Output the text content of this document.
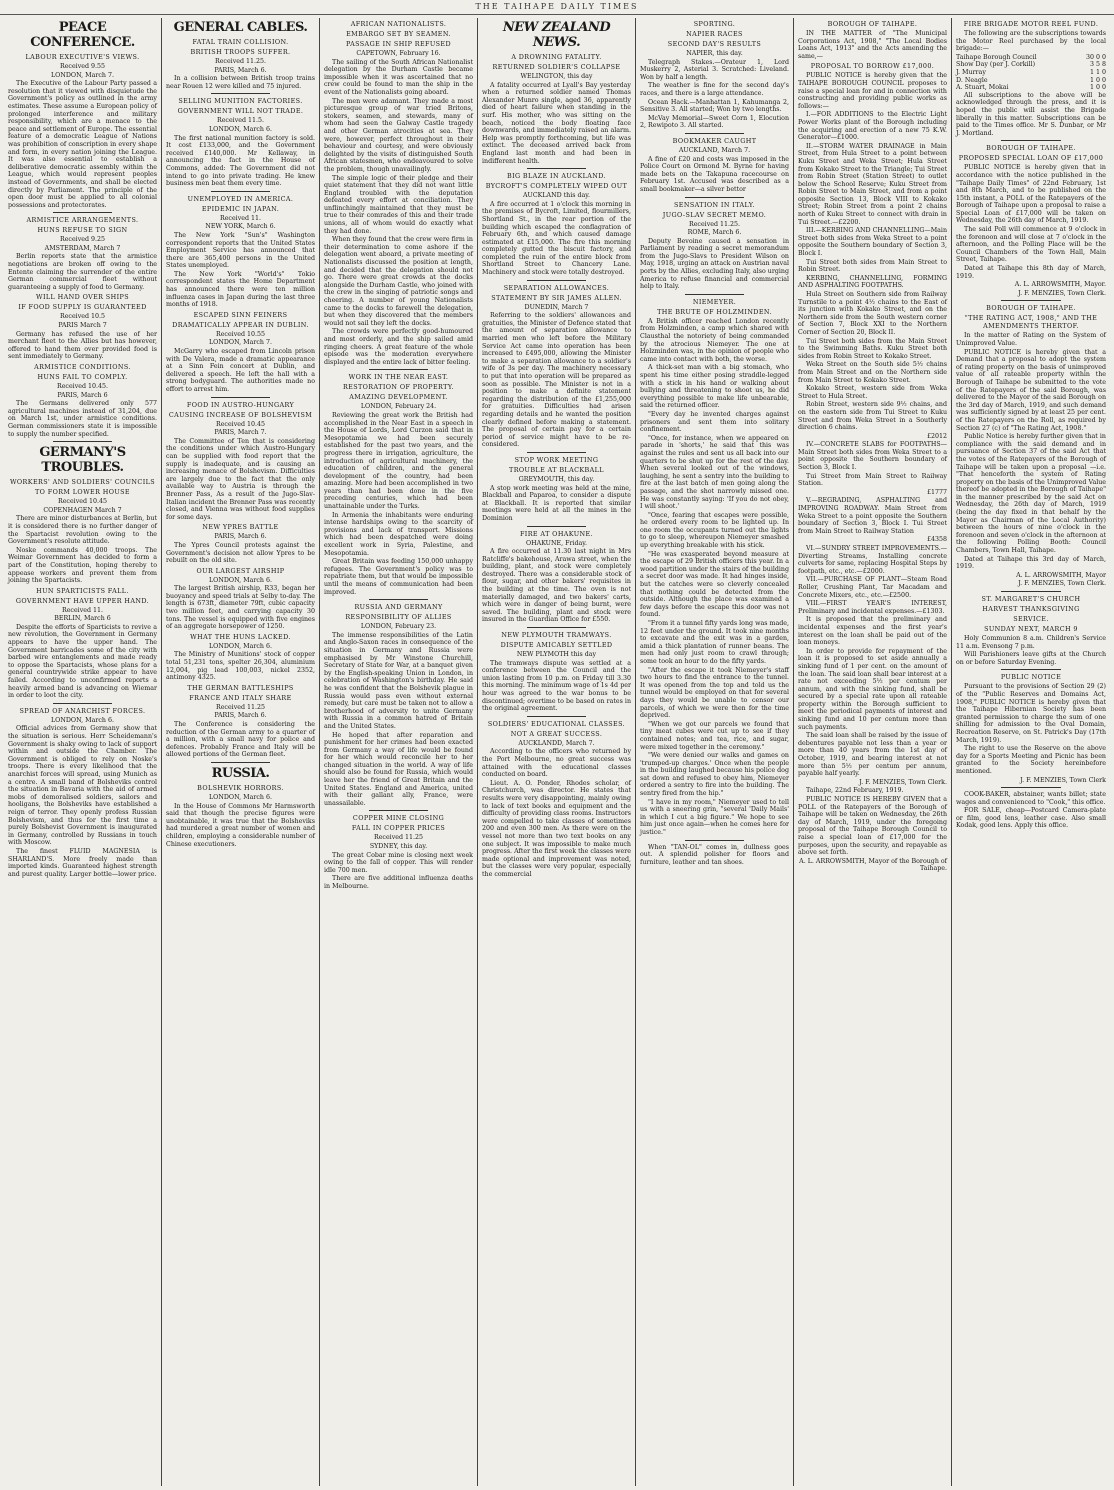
THE TAIHAPE DAILY TIMES
PEACE CONFERENCE.
LABOUR EXECUTIVE'S VIEWS.
Received 9.55
LONDON, March 7.

The Executive of the Labour Party passed a resolution that it viewed with disquietude the Government's policy as outlined in the army estimates. These assume a European policy of prolonged interference and military responsibility, which are a menace to the peace and settlement of Europe. The essential feature of a democratic League of Nations was prohibition of conscription in every shape and form, in every nation joining the League. It was also essential to establish a deliberative democratic assembly within the League, which would represent peoples instead of Governments, and shall be elected directly by Parliament. The principle of the open door must be applied to all colonial possessions and protectorates.

ARMISTICE ARRANGEMENTS.
HUNS REFUSE TO SIGN
Received 9.25
AMSTERDAM, March 7

Berlin reports state that the armistice negotiations are broken off owing to the Entente claiming the surrender of the entire German commercial fleet without guaranteeing a supply of food to Germany.

WILL HAND OVER SHIPS
IF FOOD SUPPLY IS GUARANTEED
Received 10.5
PARIS March 7

Germany has refused the use of her merchant fleet to the Allies but has however, offered to hand them over provided food is sent immediately to Germany.

ARMISTICE CONDITIONS.
HUNS FAIL TO COMPLY.
Received 10.45.
PARIS, March 6

The Germans delivered only 577 agricultural machines instead of 31,204, due on March 1st, under armistice conditions. German commissioners state it is impossible to supply the number specified.

GERMANY'S TROUBLES.
WORKERS' AND SOLDIERS' COUNCILS
TO FORM LOWER HOUSE
Received 10.45
COPENHAGEN March 7

There are minor disturbances at Berlin, but it is considered there is no further danger of the Spartacist revolution owing to the Government's resolute attitude.

Noske commands 40,000 troops. The Weimar Government has decided to form a part of the Constitution, hoping thereby to appease workers and prevent them from joining the Spartacists.

HUN SPARTICISTS FALL.
GOVERNMENT HAVE UPPER HAND.
Received 11.
BERLIN, March 6

Despite the efforts of Sparticists to revive a new revolution, the Government in Germany appears to have the upper hand. The Government barricades some of the city with barbed wire entanglements and made ready to oppose the Spartacists, whose plans for a general countrywide strike appear to have failed. According to unconfirmed reports a heavily armed band is advancing on Wiemar in order to loot the city.

SPREAD OF ANARCHIST FORCES.
LONDON, March 6.

Official advices from Germany show that the situation is serious. Herr Scheidemann's Government is shaky owing to lack of support within and outside the Chamber. The Government is obliged to rely on Noske's troops. There is every likelihood that the anarchist forces will spread, using Munich as a centre. A small band of Bolsheviks control the situation in Bavaria with the aid of armed mobs of demoralised soldiers, sailors and hooligans, the Bolsheviks have established a reign of terror. They openly profess Russian Bolshevism, and thus for the first time a purely Bolshevist Government is inaugurated in Germany, controlled by Russians in touch with Moscow.

The finest FLUID MAGNESIA is SHARLAND'S. More freely made than imported kinds. Guaranteed highest strength and purest quality. Larger bottle—lower price.

GENERAL CABLES.
FATAL TRAIN COLLISION.
BRITISH TROOPS SUFFER.
Received 11.25.
PARIS, March 6.

In a collision between British troop trains near Rouen 12 were killed and 75 injured.

SELLING MUNITION FACTORIES.
GOVERNMENT WILL NOT TRADE.
Received 11.5.
LONDON, March 6.

The first national munition factory is sold. It cost £133,000, and the Government received £140,000. Mr Kellaway, in announcing the fact in the House of Commons, added: The Government did not intend to go into private trading. He knew business men beat them every time.

UNEMPLOYED IN AMERICA.
EPIDEMIC IN JAPAN.
Received 11.
NEW YORK, March 6.

The New York "Sun's" Washington correspondent reports that the United States Employment Service has announced that there are 365,400 persons in the United States unemployed.

The New York "World's" Tokio correspondent states the Home Department has announced there were ten million influenza cases in Japan during the last three months of 1918.

ESCAPED SINN FEINERS
DRAMATICALLY APPEAR IN DUBLIN.
Received 10.55
LONDON, March 7.

McGarry who escaped from Lincoln prison with De Valera, made a dramatic appearance at a Sinn Fein concert at Dublin, and delivered a speech. He left the hall with a strong bodyguard. The authorities made no effort to arrest him.

FOOD IN AUSTRO-HUNGARY
CAUSING INCREASE OF BOLSHEVISM
Received 10.45
PARIS, March 7.

The Committee of Ten that is considering the conditions under which Austro-Hungary can be supplied with food report that the supply is inadequate, and is causing an increasing menace of Bolshevism. Difficulties are largely due to the fact that the only available way to Austria is through the Brenner Pass, As a result of the Jugo-Slav-Italian incident the Brenner Pass was recently closed, and Vienna was without food supplies for some days.

NEW YPRES BATTLE
PARIS, March 6.

The Ypres Council protests against the Government's decision not allow Ypres to be rebuilt on the old site.

OUR LARGEST AIRSHIP
LONDON, March 6.

The largest British airship, R33, began her buoyancy and speed trials at Selby to-day. The length is 673ft, diameter 79ft, cubic capacity two million feet, and carrying capacity 30 tons. The vessel is equipped with five engines of an aggregate horsepower of 1250.

WHAT THE HUNS LACKED.
LONDON, March 6.

The Ministry of Munitions' stock of copper total 51,231 tons, spelter 26,304, aluminium 12,004, pig lead 100,003, nickel 2352, antimony 4325.

THE GERMAN BATTLESHIPS
FRANCE AND ITALY SHARE
Received 11.25
PARIS, March 6.

The Conference is considering the reduction of the German army to a quarter of a million, with a small navy for police and defences. Probably France and Italy will be allowed portions of the German fleet.

RUSSIA.
BOLSHEVIK HORRORS.
LONDON, March 6.

In the House of Commons Mr Harmsworth said that though the precise figures were unobtainable, it was true that the Bolsheviks had murdered a great number of women and children, employing a considerable number of Chinese executioners.

AFRICAN NATIONALISTS.
EMBARGO SET BY SEAMEN.
PASSAGE IN SHIP REFUSED
CAPETOWN, February 16.

The sailing of the South African Nationalist delegation by the Durham Castle became impossible when it was ascertained that no crew could be found to man the ship in the event of the Nationalists going aboard.

The men were adamant. They made a most picturesque group of war tried Britons, stokers, seamen, and stewards, many of whom had seen the Galway Castle tragedy and other German atrocities at sea. They were, however, perfect throughout in their behaviour and courtesy, and were obviously delighted by the visits of distinguished South African statesmen, who endeavoured to solve the problem, though unavailingly.

The simple logic of their pledge and their quiet statement that they did not want little England troubled with the deputation defeated every effort at conciliation. They unflinchingly maintained that they must be true to their comrades of this and their trade unions, all of whom would do exactly what they had done.

When they found that the crew were firm in their determination to come ashore if the delegation went aboard, a private meeting of Nationalists discussed the position at length, and decided that the delegation should not go. There were great crowds at the docks alongside the Durham Castle, who joined with the crew in the singing of patriotic songs and cheering. A number of young Nationalists came to the docks to farewell the delegation, but when they discovered that the members would not sail they left the docks.

The crowds were perfectly good-humoured and most orderly, and the ship sailed amid ringing cheers. A great feature of the whole episode was the moderation everywhere displayed and the entire lack of bitter feeling.

WORK IN THE NEAR EAST.
RESTORATION OF PROPERTY.
AMAZING DEVELOPMENT.
LONDON, February 24.

Reviewing the great work the British had accomplished in the Near East in a speech in the House of Lords, Lord Curzon said that in Mesopotamia we had been securely established for the past two years, and the progress there in irrigation, agriculture, the introduction of agricultural machinery, the education of children, and the general development of the country, had been amazing. More had been accomplished in two years than had been done in the five preceding centuries, which had been unattainable under the Turks.

In Armenia the inhabitants were enduring intense hardships owing to the scarcity of provisions and lack of transport. Missions which had been despatched were doing excellent work in Syria, Palestine, and Mesopotamia.

Great Britain was feeding 150,000 unhappy refugees. The Government's policy was to repatriate them, but that would be impossible until the means of communication had been improved.

RUSSIA AND GERMANY
RESPONSIBILITY OF ALLIES
LONDON, February 23.

The immense responsibilities of the Latin and Anglo-Saxon races in consequence of the situation in Germany and Russia were emphasised by Mr Winstone Churchill, Secretary of State for War, at a banquet given by the English-speaking Union in London, in celebration of Washington's birthday. He said he was confident that the Bolshevik plague in Russia would pass even without external remedy, but care must be taken not to allow a brotherhood of adversity to unite Germany with Russia in a common hatred of Britain and the United States.

He hoped that after reparation and punishment for her crimes had been exacted from Germany a way of life would be found for her which would reconcile her to her changed situation in the world. A way of life should also be found for Russia, which would leave her the friend of Great Britain and the United States. England and America, united with their gallant ally, France, were unassailable.

COPPER MINE CLOSING
FALL IN COPPER PRICES
Received 11.25
SYDNEY, this day.

The great Cobar mine is closing next week owing to the fall of copper. This will render idle 700 men.

There are five additional influenza deaths in Melbourne.

NEW ZEALAND NEWS.
A DROWNING FATALITY.
RETURNED SOLDIER'S COLLAPSE
WELINGTON, this day

A fatality occurred at Lyall's Bay yesterday when a returned soldier named Thomas Alexander Munro single, aged 36, apparently died of heart failure when standing in the surf. His mother, who was sitting on the beach, noticed the body floating face downwards, and immediately raised an alarm. Help was promptly forthcoming, but life was extinct. The deceased arrived back from England last month and had been in indifferent health.

BIG BLAZE IN AUCKLAND.
BYCROFT'S COMPLETELY WIPED OUT
AUCKLAND this day.

A fire occurred at 1 o'clock this morning in the premises of Bycroft, Limited, flourmillers, Shortland St., in the rear portion of the building which escaped the conflagration of February 6th, and which caused damage estimated at £15,000. The fire this morning completely gutted the biscuit factory, and completed the ruin of the entire block from Shortland Street to Chancery Lane. Machinery and stock were totally destroyed.

SEPARATION ALLOWANCES.
STATEMENT BY SIR JAMES ALLEN.
DUNEDIN, March 7

Referring to the soldiers' allowances and gratuities, the Minister of Defence stated that the amount of separation allowance to married men who left before the Military Service Act came into operation has been increased to £495,000, allowing the Minister to make a separation allowance to a soldier's wife of 3s per day. The machinery necessary to put that into operation will be prepared as soon as possible. The Minister is not in a position to make a definite statement regarding the distribution of the £1,255,000 for gratuities. Difficulties had arisen regarding details and he wanted the position clearly defined before making a statement. The proposal of certain pay for a certain period of service might have to be re-considered.

STOP WORK MEETING
TROUBLE AT BLACKBALL
GREYMOUTH, this day.

A stop work meeting was held at the mine, Blackball and Paparoa, to consider a dispute at Blackball. It is reported that similar meetings were held at all the mines in the Dominion

FIRE AT OHAKUNE.
OHAKUNE, Friday.

A fire occurred at 11.30 last night in Mrs Ratcliffe's bakehouse, Arawa street, when the building, plant, and stock were completely destroyed. There was a considerable stock of flour, sugar, and other bakers' requisites in the building at the time. The oven is not materially damaged, and two bakers' carts, which were in danger of being burnt, were saved. The building, plant and stock were insured in the Guardian Office for £550.

NEW PLYMOUTH TRAMWAYS.
DISPUTE AMICABLY SETTLED
NEW PLYMOTH this day

The tramways dispute was settled at a conference between the Council and the union lasting from 10 p.m. on Friday till 3.30 this morning. The minimum wage of 1s 4d per hour was agreed to the war bonus to be discontinued; overtime to be based on rates in the original agreement.

SOLDIERS' EDUCATIONAL CLASSES.
NOT A GREAT SUCCESS.
AUCKLANDD, March 7.

According to the officers who returned by the Port Melbourne, no great success was attained with the educational classes conducted on board.

Lieut. A. O. Ponder, Rhodes scholar, of Christchurch, was director. He states that results were very disappointing, mainly owing to lack of text books and equipment and the difficulty of providing class rooms. Instructors were compelled to take classes of sometimes 200 and even 300 men. As there were on the vessel not more than two text books on any one subject. It was impossible to make much progress. After the first week the classes were made optional and improvement was noted, but the classes were very popular, especially the commercial

SPORTING.
NAPIER RACES
SECOND DAY'S RESULTS
NAPIER, this day.

Telegraph Stakes.—Orateur 1, Lord Muskerry 2, Asterial 3. Scratched: Liveland. Won by half a length.

The weather is fine for the second day's races, and there is a large attendance.

Ocean Hack.—Manhattan 1, Kahumanga 2, Sensitive 3. All started; Won by two lengths.

McVay Memorial—Sweet Corn 1, Elocution 2, Rewipoto 3. All started.

BOOKMAKER CAUGHT
AUCKLAND, March 7.

A fine of £20 and costs was imposed in the Police Court on Ormond M. Byrne for having made bets on the Takapuna racecourse on February 1st. Accused was described as a small bookmaker—a silver bettor

SENSATION IN ITALY.
JUGO-SLAV SECRET MEMO.
Received 11.25.
ROME, March 6.

Deputy Bevoine caused a sensation in Parliament by reading a secret memorandum from the Jugo-Slavs to President Wilson on May, 1918, urging an attack on Austrian naval ports by the Allies, excluding Italy, also urging America to refuse financial and commercial help to Italy.

NIEMEYER.
THE BRUTE OF HOLZMINDEN.

A British officer reached London recently from Holzminden, a camp which shared with Clausthal the notoriety of being commanded by the atrocious Niemeyer. The one at Holzminden was, in the opinion of people who came into contact with both, the worse.

A thick-set man with a big stomach, who spent his time either posing straddle-legged with a stick in his hand or walking about bullying and threatening to shoot us, he did everything possible to make life unbearable, said the returned officer.

"Every day he invented charges against prisoners and sent them into solitary confinement.

"Once, for instance, when we appeared on parade in 'shorts,' he said that this was against the rules and sent us all back into our quarters to be shut up for the rest of the day. When several looked out of the windows, laughing, he sent a sentry into the building to fire at the last batch of men going along the passage, and the shot narrowly missed one. He was constantly saying: 'If you do not obey, I will shoot.'

"Once, fearing that escapes were possible, he ordered every room to be lighted up. In one room the occupants turned out the lights to go to sleep, whereupon Niemeyer smashed up everything breakable with his stick.

"He was exasperated beyond measure at the escape of 29 British officers this year. In a wood partition under the stairs of the building a secret door was made. It had hinges inside, but the catches were so cleverly concealed that nothing could be detected from the outside. Although the place was examined a few days before the escape this door was not found.

"From it a tunnel fifty yards long was made, 12 feet under the ground. It took nine months to excavate and the exit was in a garden, amid a thick plantation of runner beans. The men had only just room to crawl through; some took an hour to do the fifty yards.

"After the escape it took Niemeyer's staff two hours to find the entrance to the tunnel. It was opened from the top and told us the tunnel would be employed on that for several days they would be unable to censor our parcels, of which we were then for the time deprived.

"When we got our parcels we found that tiny meat cubes were cut up to see if they contained notes; and tea, rice, and sugar, were mixed together in the ceremony."

"We were denied our walks and games on 'trumped-up charges.' Once when the people in the building laughed because his police dog sat down and refused to obey him, Niemeyer ordered a sentry to fire into the building. The sentry fired from the hip."

"I have in my room," Niemeyer used to tell us with a sneering grin, "several 'Daily Mails' in which I cut a big figure." We hope to see him just once again—when he comes here for justice."

When "TAN-OL" comes in, dullness goes out. A splendid polisher for floors and furniture, leather and tan shoes.

BOROUGH OF TAIHAPE.

IN THE MATTER of "The Municipal Corporations Act, 1908," "The Local Bodies Loans Act, 1913" and the Acts amending the same,—

PROPOSAL TO BORROW £17,000.

PUBLIC NOTICE is hereby given that the TAIHAPE BOROUGH COUNCIL proposes to raise a special loan for and in connection with constructing and providing public works as follows:—

I.—FOR ADDITIONS to the Electric Light Power Works plant of the Borough including the acquiring and erection of a new 75 K.W. Generator—£1000.

II.—STORM WATER DRAINAGE in Main Street, from Hula Street to a point between Kuku Street and Weka Street; Hula Street from Kokako Street to the Triangle; Tui Street from Robin Street (Station Street) to outlet below the School Reserve; Kuku Street from Robin Street to Main Street, and from a point opposite Section 13, Block VIII to Kokako Street; Robin Street from a point 2 chains north of Kuku Street to connect with drain in Tui Street.—£2200.

III.—KERBING AND CHANNELLING—Main Street both sides from Weka Street to a point opposite the Southern boundary of Section 3, Block I.

Tui Street both sides from Main Street to Robin Street.

KERBING, CHANNELLING, FORMING AND ASPHALTING FOOTPATHS.

Hula Street on Southern side from Railway Turnstile to a point 4½ chains to the East of its junction with Kokako Street, and on the Northern side from the South western corner of Section 7, Block XXI to the Northern Corner of Section 20, Block II.

Tui Street both sides from the Main Street to the Swimming Baths. Kuku Street both sides from Robin Street to Kokako Street.

Weka Street on the South side 5½ chains from Main Street and on the Northern side from Main Street to Kokako Street.

Kokako Street, western side from Weka Street to Hula Street.

Robin Street, western side 9½ chains, and on the eastern side from Tui Street to Kuku Street and from Weka Street in a Southerly direction 6 chains.

£2012

IV.—CONCRETE SLABS for FOOTPATHS—Main Street both sides from Weka Street to a point opposite the Southern boundary of Section 3, Block I.

Tui Street from Main Street to Railway Station.

£1777

V.—REGRADING, ASPHALTING and IMPROVING ROADWAY. Main Street from Weka Street to a point opposite the Southern boundary of Section 3, Block I. Tui Street from Main Street to Railway Station

£4358

VI.—SUNDRY STREET IMPROVEMENTS.—Diverting Streams, Installing concrete culverts for same, replacing Hospital Steps by footpath, etc., etc.—£2000.

VII.—PURCHASE OF PLANT—Steam Road Roller, Crushing Plant, Tar Macadam and Concrete Mixers, etc., etc.—£2500.

VIII.—FIRST YEAR'S INTEREST, Preliminary and incidental expenses.—£1303.

It is proposed that the preliminary and incidental expenses and the first year's interest on the loan shall be paid out of the loan moneys.

In order to provide for repayment of the loan it is proposed to set aside annually a sinking fund of 1 per cent. on the amount of the loan. The said loan shall bear interest at a rate not exceeding 5½ per centum per annum, and with the sinking fund, shall be secured by a special rate upon all rateable property within the Borough sufficient to meet the periodical payments of interest and sinking fund and 10 per centum more than such payments.

The said loan shall be raised by the issue of debentures payable not less than a year or more than 40 years from the 1st day of October, 1919, and bearing interest at not more than 5½ per centum per annum, payable half yearly.

J. F. MENZIES, Town Clerk.

Taihape, 22nd February, 1919.

PUBLIC NOTICE IS HEREBY GIVEN that a POLL of the Ratepayers of the Borough of Taihape will be taken on Wednesday, the 26th day of March, 1919, under the foregoing proposal of the Taihape Borough Council to raise a special loan of £17,000 for the purposes, upon the security, and repayable as above set forth.

A. L. ARROWSMITH, Mayor of the Borough of Taihape.
FIRE BRIGADE MOTOR REEL FUND.

The following are the subscriptions towards the Motor Reel purchased by the local brigade:—

Taihape Borough Council	30 0 0
Show Day (per J. Corkill)	3 5 8
J. Murray	1 1 0
D. Neagle	1 0 0
A. Stuart, Mokai	1 0 0

All subscriptions to the above will be acknowledged through the press, and it is hoped the public will assist the Brigade liberally in this matter. Subscriptions can be paid to the Times office. Mr S. Dunbar, or Mr J. Mortland.

BOROUGH OF TAIHAPE.
PROPOSED SPECIAL LOAN OF £17,000

PUBLIC NOTICE is hereby given that in accordance with the notice published in the "Taihape Daily Times" of 22nd February, 1st and 8th March, and to be published on the 15th instant, a POLL of the Ratepayers of the Borough of Taihape upon a proposal to raise a Special Loan of £17,000 will be taken on Wednesday, the 26th day of March, 1919.

The said Poll will commence at 9 o'clock in the forenoon and will close at 7 o'clock in the afternoon, and the Polling Place will be the Council Chambers of the Town Hall, Main Street, Taihape.

Dated at Taihape this 8th day of March, 1919.

A. L. ARROWSMITH, Mayor.
J. F. MENZIES, Town Clerk.
BOROUGH OF TAIHAPE.
"THE RATING ACT, 1908," AND THE AMENDMENTS THERTOF.

In the matter of Rating on the System of Unimproved Value.

PUBLIC NOTICE is hereby given that a Demand that a proposal to adopt the system of rating property on the basis of unimproved value of all rateable property within the Borough of Taihape be submitted to the vote of the Ratepayers of the said Borough, was delivered to the Mayor of the said Borough on the 3rd day of March, 1919, and such demand was sufficiently signed by at least 25 per cent. of the Ratepayers on the Roll, as required by Section 27 (c) of "The Rating Act, 1908."

Public Notice is hereby further given that in compliance with the said demand and in pursuance of Section 37 of the said Act that the votes of the Ratepayers of the Borough of Taihape will be taken upon a proposal —i.e. "That henceforth the system of Rating property on the basis of the Unimproved Value thereof be adopted in the Borough of Taihape" in the manner prescribed by the said Act on Wednesday, the 26th day of March, 1919 (being the day fixed in that behalf by the Mayor as Chairman of the Local Authority) between the hours of nine o'clock in the forenoon and seven o'clock in the afternoon at the following Polling Booth: Council Chambers, Town Hall, Taihape.

Dated at Taihape this 3rd day of March, 1919.

A. L. ARROWSMITH, Mayor
J. F. MENZIES, Town Clerk.
ST. MARGARET'S CHURCH
HARVEST THANKSGIVING
SERVICE.
SUNDAY NEXT, MARCH 9

Holy Communion 8 a.m. Children's Service 11 a.m. Evensong 7 p.m.

Will Parishioners leave gifts at the Church on or before Saturday Evening.

PUBLIC NOTICE

Pursuant to the provisions of Section 29 (2) of the "Public Reserves and Domains Act, 1908," PUBLIC NOTICE is hereby given that the Taihape Hibernian Society has been granted permission to charge the sum of one shilling for admission to the Oval Domain, Recreation Reserve, on St. Patrick's Day (17th March, 1919).

The right to use the Reserve on the above day for a Sports Meeting and Picnic has been granted to the Society hereinbefore mentioned.

J. F. MENZIES, Town Clerk

COOK-BAKER, abstainer, wants billet; state wages and convenienced to "Cook," this office.

FOR SALE, cheap—Postcard Camera-plate or film, good lens, leather case. Also small Kodak, good lens. Apply this office.
